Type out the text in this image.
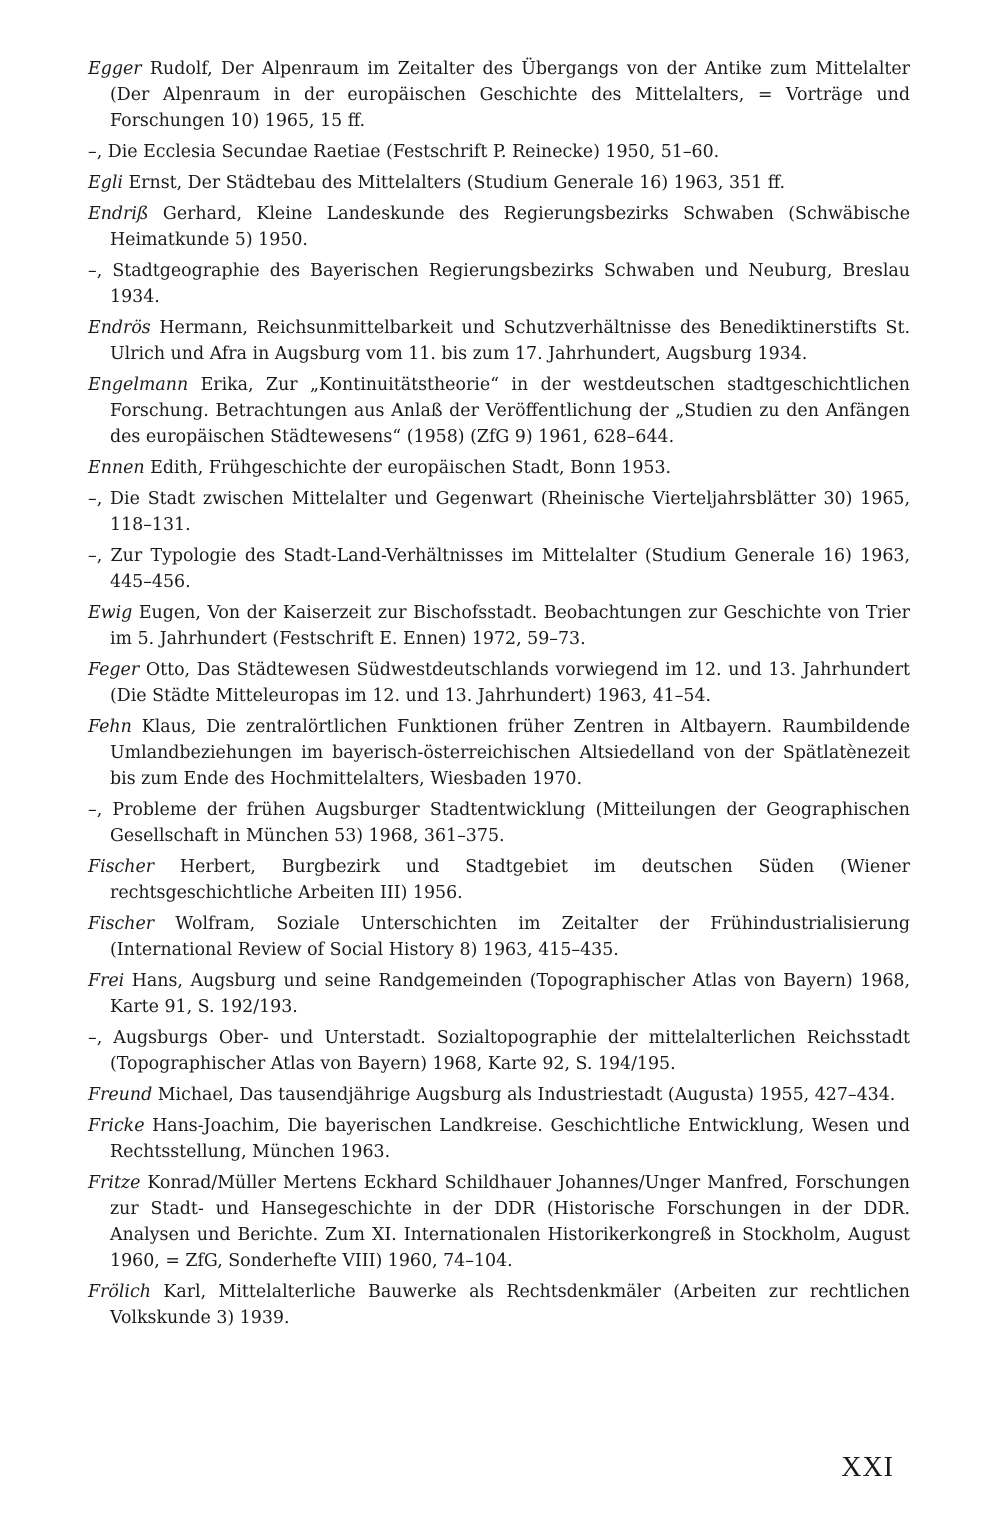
Egger Rudolf, Der Alpenraum im Zeitalter des Übergangs von der Antike zum Mittelalter (Der Alpenraum in der europäischen Geschichte des Mittelalters, = Vorträge und Forschungen 10) 1965, 15 ff.
–, Die Ecclesia Secundae Raetiae (Festschrift P. Reinecke) 1950, 51–60.
Egli Ernst, Der Städtebau des Mittelalters (Studium Generale 16) 1963, 351 ff.
Endriß Gerhard, Kleine Landeskunde des Regierungsbezirks Schwaben (Schwäbische Heimatkunde 5) 1950.
–, Stadtgeographie des Bayerischen Regierungsbezirks Schwaben und Neuburg, Breslau 1934.
Endrös Hermann, Reichsunmittelbarkeit und Schutzverhältnisse des Benediktinerstifts St. Ulrich und Afra in Augsburg vom 11. bis zum 17. Jahrhundert, Augsburg 1934.
Engelmann Erika, Zur „Kontinuitätstheorie“ in der westdeutschen stadtgeschichtlichen Forschung. Betrachtungen aus Anlaß der Veröffentlichung der „Studien zu den Anfängen des europäischen Städtewesens“ (1958) (ZfG 9) 1961, 628–644.
Ennen Edith, Frühgeschichte der europäischen Stadt, Bonn 1953.
–, Die Stadt zwischen Mittelalter und Gegenwart (Rheinische Vierteljahrsblätter 30) 1965, 118–131.
–, Zur Typologie des Stadt-Land-Verhältnisses im Mittelalter (Studium Generale 16) 1963, 445–456.
Ewig Eugen, Von der Kaiserzeit zur Bischofsstadt. Beobachtungen zur Geschichte von Trier im 5. Jahrhundert (Festschrift E. Ennen) 1972, 59–73.
Feger Otto, Das Städtewesen Südwestdeutschlands vorwiegend im 12. und 13. Jahrhundert (Die Städte Mitteleuropas im 12. und 13. Jahrhundert) 1963, 41–54.
Fehn Klaus, Die zentralörtlichen Funktionen früher Zentren in Altbayern. Raumbildende Umlandbeziehungen im bayerisch-österreichischen Altsiedelland von der Spätlatènezeit bis zum Ende des Hochmittelalters, Wiesbaden 1970.
–, Probleme der frühen Augsburger Stadtentwicklung (Mitteilungen der Geographischen Gesellschaft in München 53) 1968, 361–375.
Fischer Herbert, Burgbezirk und Stadtgebiet im deutschen Süden (Wiener rechtsgeschichtliche Arbeiten III) 1956.
Fischer Wolfram, Soziale Unterschichten im Zeitalter der Frühindustrialisierung (International Review of Social History 8) 1963, 415–435.
Frei Hans, Augsburg und seine Randgemeinden (Topographischer Atlas von Bayern) 1968, Karte 91, S. 192/193.
–, Augsburgs Ober- und Unterstadt. Sozialtopographie der mittelalterlichen Reichsstadt (Topographischer Atlas von Bayern) 1968, Karte 92, S. 194/195.
Freund Michael, Das tausendjährige Augsburg als Industriestadt (Augusta) 1955, 427–434.
Fricke Hans-Joachim, Die bayerischen Landkreise. Geschichtliche Entwicklung, Wesen und Rechtsstellung, München 1963.
Fritze Konrad/Müller Mertens Eckhard Schildhauer Johannes/Unger Manfred, Forschungen zur Stadt- und Hansegeschichte in der DDR (Historische Forschungen in der DDR. Analysen und Berichte. Zum XI. Internationalen Historikerkongreß in Stockholm, August 1960, = ZfG, Sonderhefte VIII) 1960, 74–104.
Frölich Karl, Mittelalterliche Bauwerke als Rechtsdenkmäler (Arbeiten zur rechtlichen Volkskunde 3) 1939.
XXI
